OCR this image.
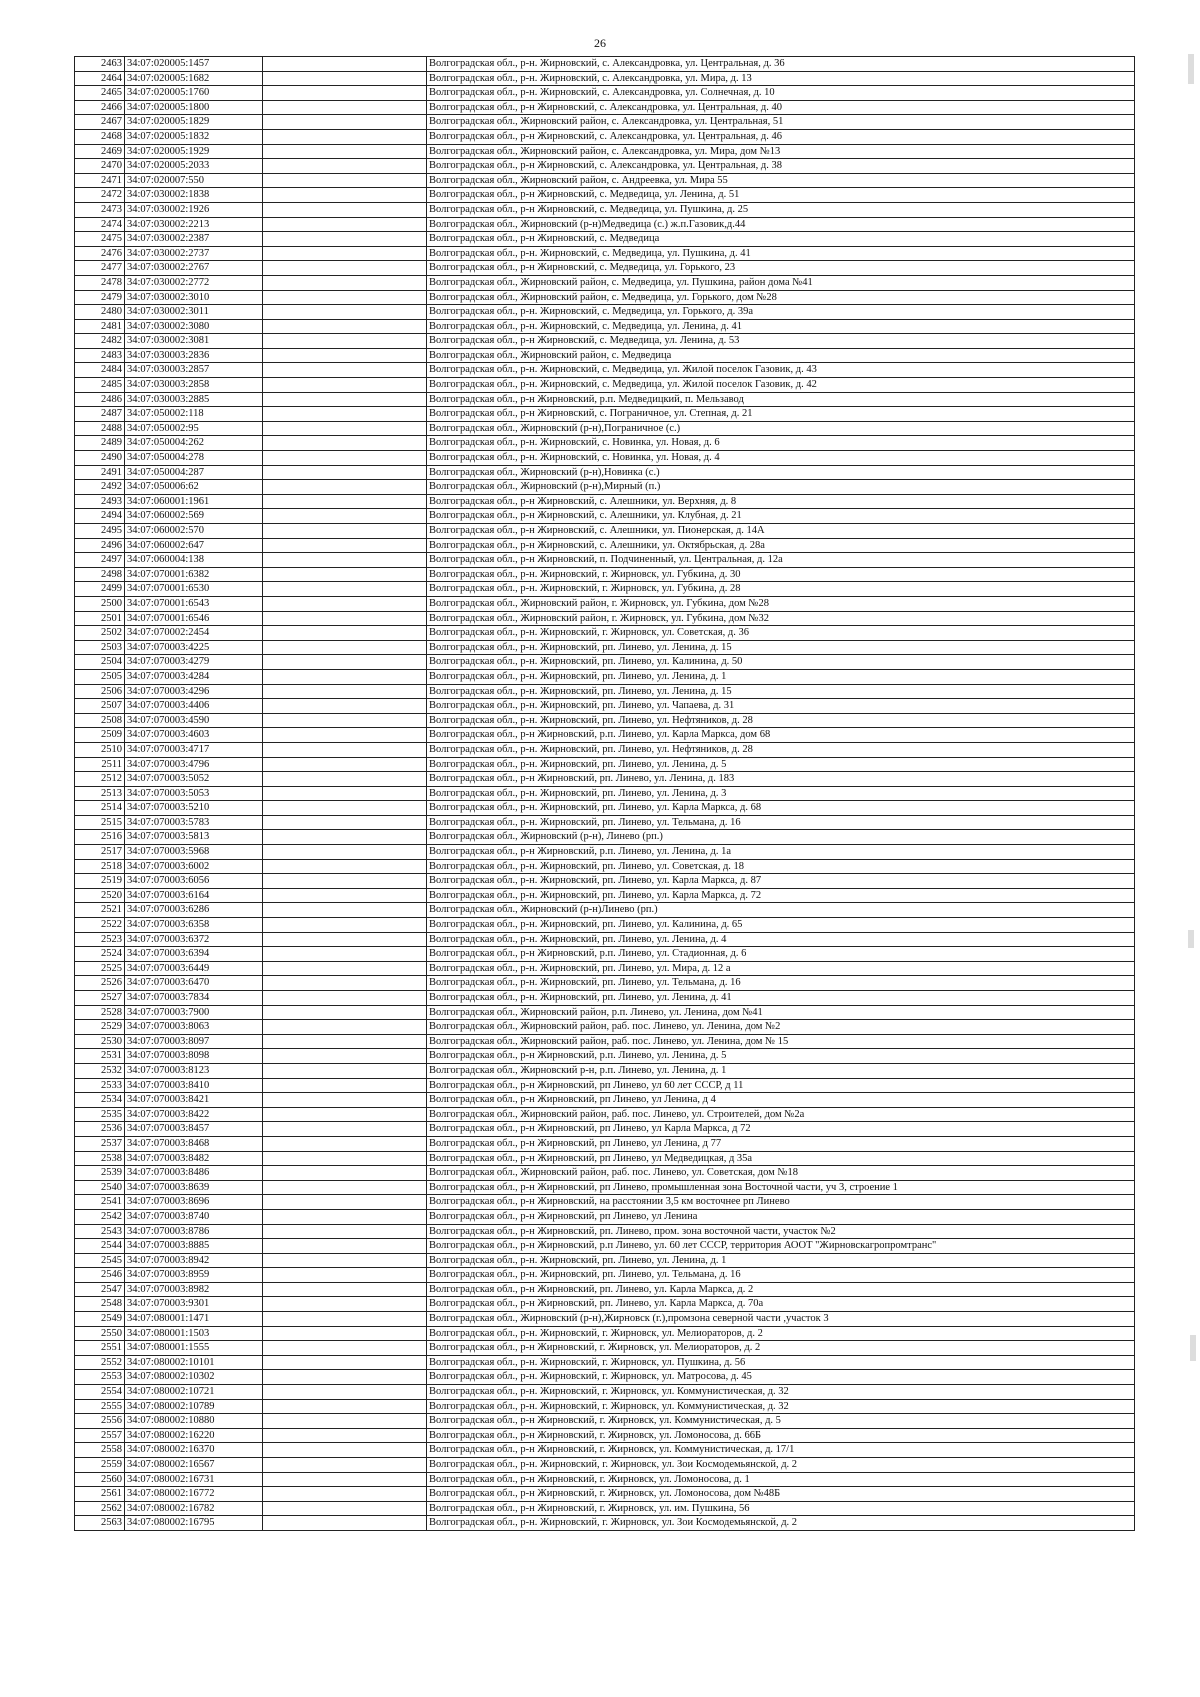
26
2463	34:07:020005:1457		Волгоградская обл., р-н. Жирновский, с. Александровка, ул. Центральная, д. 36
2464	34:07:020005:1682		Волгоградская обл., р-н. Жирновский, с. Александровка, ул. Мира, д. 13
2465	34:07:020005:1760		Волгоградская обл., р-н. Жирновский, с. Александровка, ул. Солнечная, д. 10
2466	34:07:020005:1800		Волгоградская обл., р-н Жирновский, с. Александровка, ул. Центральная, д. 40
2467	34:07:020005:1829		Волгоградская обл., Жирновский район, с. Александровка, ул. Центральная, 51
2468	34:07:020005:1832		Волгоградская обл., р-н Жирновский, с. Александровка, ул. Центральная, д. 46
2469	34:07:020005:1929		Волгоградская обл., Жирновский район, с. Александровка, ул. Мира, дом №13
2470	34:07:020005:2033		Волгоградская обл., р-н Жирновский, с. Александровка, ул. Центральная, д. 38
2471	34:07:020007:550		Волгоградская обл., Жирновский район, с. Андреевка, ул. Мира 55
2472	34:07:030002:1838		Волгоградская обл., р-н Жирновский, с. Медведица, ул. Ленина, д. 51
2473	34:07:030002:1926		Волгоградская обл., р-н Жирновский, с. Медведица, ул. Пушкина, д. 25
2474	34:07:030002:2213		Волгоградская обл., Жирновский (р-н)Медведица (с.) ж.п.Газовик,д.44
2475	34:07:030002:2387		Волгоградская обл., р-н Жирновский, с. Медведица
2476	34:07:030002:2737		Волгоградская обл., р-н. Жирновский, с. Медведица, ул. Пушкина, д. 41
2477	34:07:030002:2767		Волгоградская обл., р-н Жирновский, с. Медведица, ул. Горького, 23
2478	34:07:030002:2772		Волгоградская обл., Жирновский район, с. Медведица, ул. Пушкина, район дома №41
2479	34:07:030002:3010		Волгоградская обл., Жирновский район, с. Медведица, ул. Горького, дом №28
2480	34:07:030002:3011		Волгоградская обл., р-н. Жирновский, с. Медведица, ул. Горького, д. 39а
2481	34:07:030002:3080		Волгоградская обл., р-н. Жирновский, с. Медведица, ул. Ленина, д. 41
2482	34:07:030002:3081		Волгоградская обл., р-н Жирновский, с. Медведица, ул. Ленина, д. 53
2483	34:07:030003:2836		Волгоградская обл., Жирновский район, с. Медведица
2484	34:07:030003:2857		Волгоградская обл., р-н. Жирновский, с. Медведица, ул. Жилой поселок Газовик, д. 43
2485	34:07:030003:2858		Волгоградская обл., р-н. Жирновский, с. Медведица, ул. Жилой поселок Газовик, д. 42
2486	34:07:030003:2885		Волгоградская обл., р-н Жирновский, р.п. Медведицкий, п. Мельзавод
2487	34:07:050002:118		Волгоградская обл., р-н Жирновский, с. Пограничное, ул. Степная, д. 21
2488	34:07:050002:95		Волгоградская обл., Жирновский (р-н),Пограничное (с.)
2489	34:07:050004:262		Волгоградская обл., р-н. Жирновский, с. Новинка, ул. Новая, д. 6
2490	34:07:050004:278		Волгоградская обл., р-н. Жирновский, с. Новинка, ул. Новая, д. 4
2491	34:07:050004:287		Волгоградская обл., Жирновский (р-н),Новинка (с.)
2492	34:07:050006:62		Волгоградская обл., Жирновский (р-н),Мирный (п.)
2493	34:07:060001:1961		Волгоградская обл., р-н Жирновский, с. Алешники, ул. Верхняя, д. 8
2494	34:07:060002:569		Волгоградская обл., р-н Жирновский, с. Алешники, ул. Клубная, д. 21
2495	34:07:060002:570		Волгоградская обл., р-н Жирновский, с. Алешники, ул. Пионерская, д. 14А
2496	34:07:060002:647		Волгоградская обл., р-н Жирновский, с. Алешники, ул. Октябрьская, д. 28а
2497	34:07:060004:138		Волгоградская обл., р-н Жирновский, п. Подчиненный, ул. Центральная, д. 12а
2498	34:07:070001:6382		Волгоградская обл., р-н. Жирновский, г. Жирновск, ул. Губкина, д. 30
2499	34:07:070001:6530		Волгоградская обл., р-н. Жирновский, г. Жирновск, ул. Губкина, д. 28
2500	34:07:070001:6543		Волгоградская обл., Жирновский район, г. Жирновск, ул. Губкина, дом №28
2501	34:07:070001:6546		Волгоградская обл., Жирновский район, г. Жирновск, ул. Губкина, дом №32
2502	34:07:070002:2454		Волгоградская обл., р-н. Жирновский, г. Жирновск, ул. Советская, д. 36
2503	34:07:070003:4225		Волгоградская обл., р-н. Жирновский, рп. Линево, ул. Ленина, д. 15
2504	34:07:070003:4279		Волгоградская обл., р-н. Жирновский, рп. Линево, ул. Калинина, д. 50
2505	34:07:070003:4284		Волгоградская обл., р-н. Жирновский, рп. Линево, ул. Ленина, д. 1
2506	34:07:070003:4296		Волгоградская обл., р-н. Жирновский, рп. Линево, ул. Ленина, д. 15
2507	34:07:070003:4406		Волгоградская обл., р-н. Жирновский, рп. Линево, ул. Чапаева, д. 31
2508	34:07:070003:4590		Волгоградская обл., р-н. Жирновский, рп. Линево, ул. Нефтяников, д. 28
2509	34:07:070003:4603		Волгоградская обл., р-н Жирновский, р.п. Линево, ул. Карла Маркса, дом 68
2510	34:07:070003:4717		Волгоградская обл., р-н. Жирновский, рп. Линево, ул. Нефтяников, д. 28
2511	34:07:070003:4796		Волгоградская обл., р-н. Жирновский, рп. Линево, ул. Ленина, д. 5
2512	34:07:070003:5052		Волгоградская обл., р-н Жирновский, рп. Линево, ул. Ленина, д. 183
2513	34:07:070003:5053		Волгоградская обл., р-н. Жирновский, рп. Линево, ул. Ленина, д. 3
2514	34:07:070003:5210		Волгоградская обл., р-н. Жирновский, рп. Линево, ул. Карла Маркса, д. 68
2515	34:07:070003:5783		Волгоградская обл., р-н. Жирновский, рп. Линево, ул. Тельмана, д. 16
2516	34:07:070003:5813		Волгоградская обл., Жирновский (р-н), Линево (рп.)
2517	34:07:070003:5968		Волгоградская обл., р-н Жирновский, р.п. Линево, ул. Ленина, д. 1а
2518	34:07:070003:6002		Волгоградская обл., р-н. Жирновский, рп. Линево, ул. Советская, д. 18
2519	34:07:070003:6056		Волгоградская обл., р-н. Жирновский, рп. Линево, ул. Карла Маркса, д. 87
2520	34:07:070003:6164		Волгоградская обл., р-н. Жирновский, рп. Линево, ул. Карла Маркса, д. 72
2521	34:07:070003:6286		Волгоградская обл., Жирновский (р-н)Линево (рп.)
2522	34:07:070003:6358		Волгоградская обл., р-н. Жирновский, рп. Линево, ул. Калинина, д. 65
2523	34:07:070003:6372		Волгоградская обл., р-н. Жирновский, рп. Линево, ул. Ленина, д. 4
2524	34:07:070003:6394		Волгоградская обл., р-н Жирновский, р.п. Линево, ул. Стадионная, д. 6
2525	34:07:070003:6449		Волгоградская обл., р-н. Жирновский, рп. Линево, ул. Мира, д. 12 а
2526	34:07:070003:6470		Волгоградская обл., р-н. Жирновский, рп. Линево, ул. Тельмана, д. 16
2527	34:07:070003:7834		Волгоградская обл., р-н. Жирновский, рп. Линево, ул. Ленина, д. 41
2528	34:07:070003:7900		Волгоградская обл., Жирновский район, р.п. Линево, ул. Ленина, дом №41
2529	34:07:070003:8063		Волгоградская обл., Жирновский район, раб. пос. Линево, ул. Ленина, дом №2
2530	34:07:070003:8097		Волгоградская обл., Жирновский район, раб. пос. Линево, ул. Ленина, дом № 15
2531	34:07:070003:8098		Волгоградская обл., р-н Жирновский, р.п. Линево, ул. Ленина, д. 5
2532	34:07:070003:8123		Волгоградская обл., Жирновский р-н, р.п. Линево, ул. Ленина, д. 1
2533	34:07:070003:8410		Волгоградская обл., р-н Жирновский, рп Линево, ул 60 лет СССР, д 11
2534	34:07:070003:8421		Волгоградская обл., р-н Жирновский, рп Линево, ул Ленина, д 4
2535	34:07:070003:8422		Волгоградская обл., Жирновский район, раб. пос. Линево, ул. Строителей, дом №2а
2536	34:07:070003:8457		Волгоградская обл., р-н Жирновский, рп Линево, ул Карла Маркса, д 72
2537	34:07:070003:8468		Волгоградская обл., р-н Жирновский, рп Линево, ул Ленина, д 77
2538	34:07:070003:8482		Волгоградская обл., р-н Жирновский, рп Линево, ул Медведицкая, д 35а
2539	34:07:070003:8486		Волгоградская обл., Жирновский район, раб. пос. Линево, ул. Советская, дом №18
2540	34:07:070003:8639		Волгоградская обл., р-н Жирновский, рп Линево, промышленная зона Восточной части, уч 3, строение 1
2541	34:07:070003:8696		Волгоградская обл., р-н Жирновский, на расстоянии 3,5 км восточнее рп Линево
2542	34:07:070003:8740		Волгоградская обл., р-н Жирновский, рп Линево, ул Ленина
2543	34:07:070003:8786		Волгоградская обл., р-н Жирновский, рп. Линево, пром. зона восточной части, участок №2
2544	34:07:070003:8885		Волгоградская обл., р-н Жирновский, р.п Линево, ул. 60 лет СССР, территория АООТ "Жирновскагропромтранс"
2545	34:07:070003:8942		Волгоградская обл., р-н. Жирновский, рп. Линево, ул. Ленина, д. 1
2546	34:07:070003:8959		Волгоградская обл., р-н. Жирновский, рп. Линево, ул. Тельмана, д. 16
2547	34:07:070003:8982		Волгоградская обл., р-н Жирновский, рп. Линево, ул. Карла Маркса, д. 2
2548	34:07:070003:9301		Волгоградская обл., р-н Жирновский, рп. Линево, ул. Карла Маркса, д. 70а
2549	34:07:080001:1471		Волгоградская обл., Жирновский (р-н),Жирновск (г.),промзона северной части ,участок 3
2550	34:07:080001:1503		Волгоградская обл., р-н. Жирновский, г. Жирновск, ул. Мелиораторов, д. 2
2551	34:07:080001:1555		Волгоградская обл., р-н Жирновский, г. Жирновск, ул. Мелиораторов, д. 2
2552	34:07:080002:10101		Волгоградская обл., р-н. Жирновский, г. Жирновск, ул. Пушкина, д. 56
2553	34:07:080002:10302		Волгоградская обл., р-н. Жирновский, г. Жирновск, ул. Матросова, д. 45
2554	34:07:080002:10721		Волгоградская обл., р-н. Жирновский, г. Жирновск, ул. Коммунистическая, д. 32
2555	34:07:080002:10789		Волгоградская обл., р-н. Жирновский, г. Жирновск, ул. Коммунистическая, д. 32
2556	34:07:080002:10880		Волгоградская обл., р-н Жирновский, г. Жирновск, ул. Коммунистическая, д. 5
2557	34:07:080002:16220		Волгоградская обл., р-н Жирновский, г. Жирновск, ул. Ломоносова, д. 66Б
2558	34:07:080002:16370		Волгоградская обл., р-н Жирновский, г. Жирновск, ул. Коммунистическая, д. 17/1
2559	34:07:080002:16567		Волгоградская обл., р-н. Жирновский, г. Жирновск, ул. Зои Космодемьянской, д. 2
2560	34:07:080002:16731		Волгоградская обл., р-н Жирновский, г. Жирновск, ул. Ломоносова, д. 1
2561	34:07:080002:16772		Волгоградская обл., р-н Жирновский, г. Жирновск, ул. Ломоносова, дом №48Б
2562	34:07:080002:16782		Волгоградская обл., р-н Жирновский, г. Жирновск, ул. им. Пушкина, 56
2563	34:07:080002:16795		Волгоградская обл., р-н. Жирновский, г. Жирновск, ул. Зои Космодемьянской, д. 2
